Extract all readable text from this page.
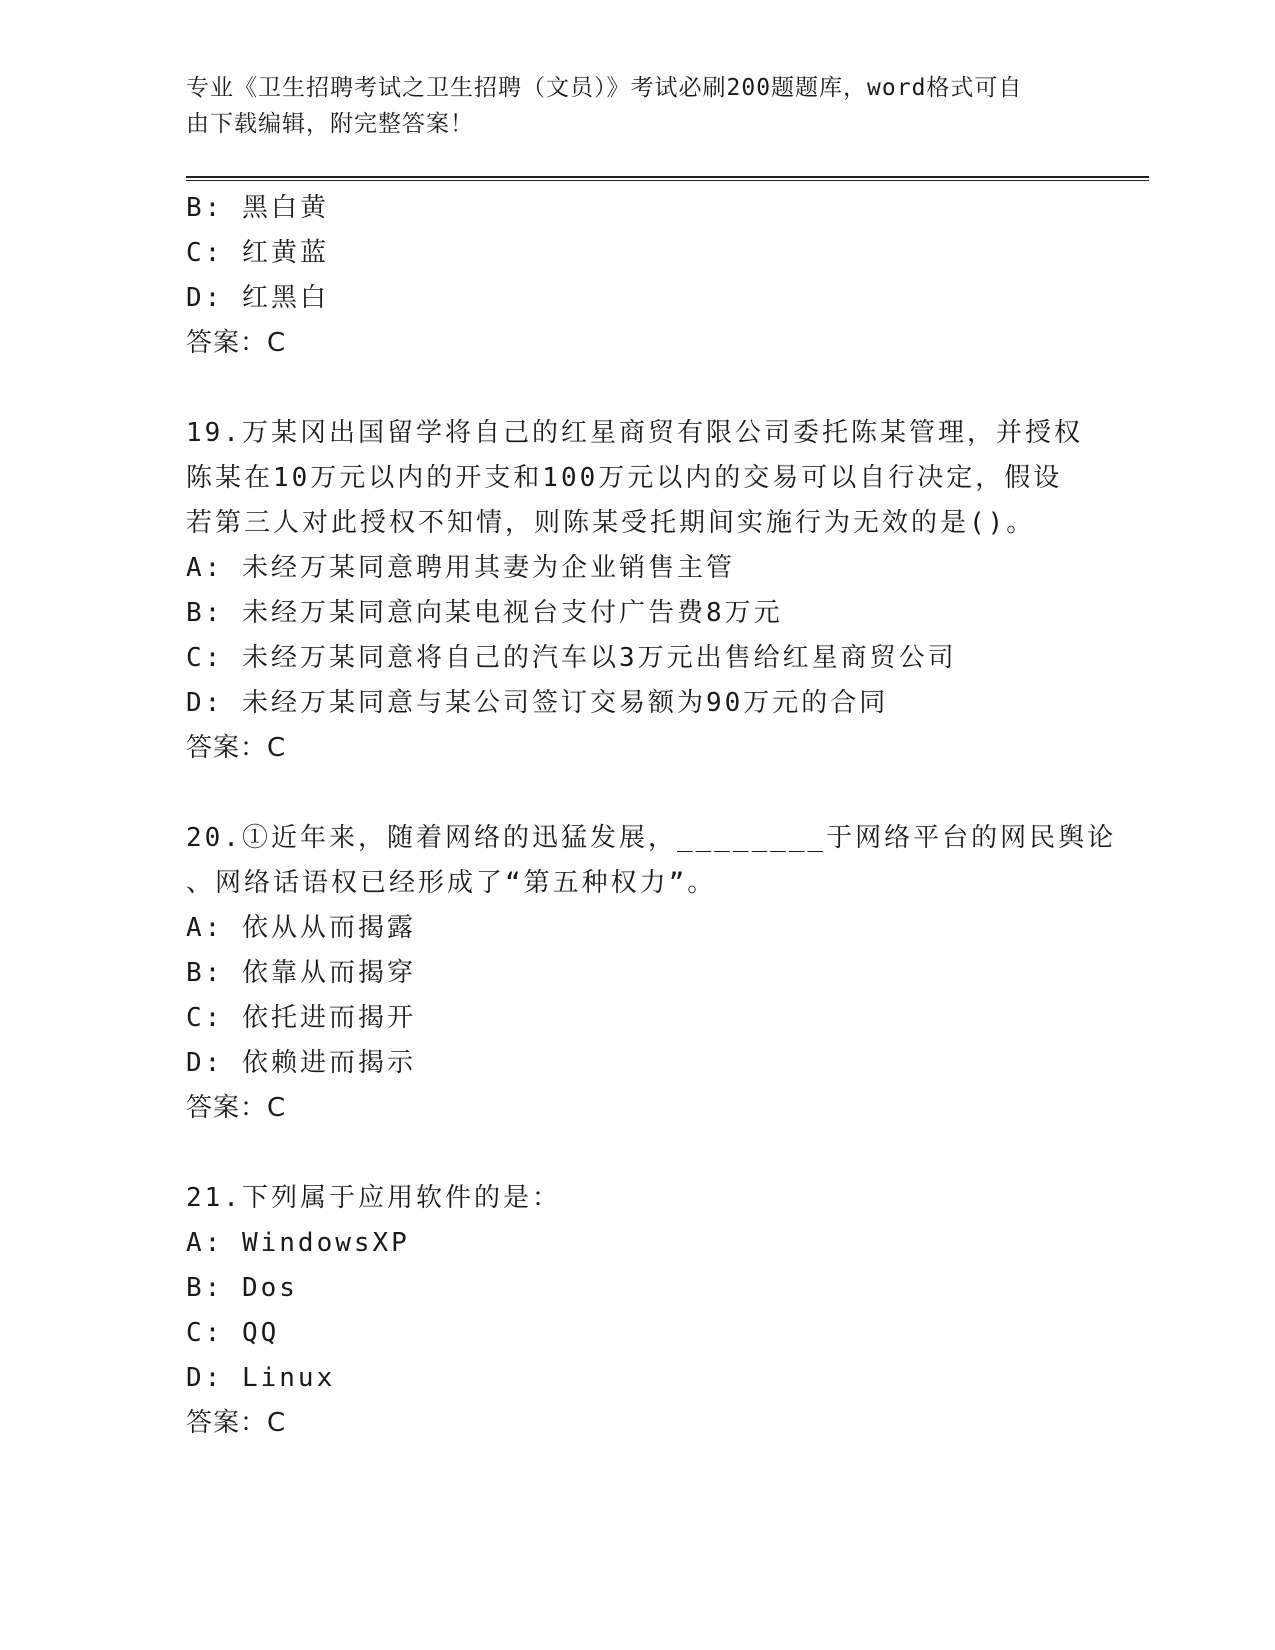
专业《卫生招聘考试之卫生招聘（文员）》考试必刷200题题库，word格式可自
由下载编辑，附完整答案！
B: 黑白黄
C: 红黄蓝
D: 红黑白
答案：C
19.万某冈出国留学将自己的红星商贸有限公司委托陈某管理，并授权
陈某在10万元以内的开支和100万元以内的交易可以自行决定，假设
若第三人对此授权不知情，则陈某受托期间实施行为无效的是()。
A: 未经万某同意聘用其妻为企业销售主管
B: 未经万某同意向某电视台支付广告费8万元
C: 未经万某同意将自己的汽车以3万元出售给红星商贸公司
D: 未经万某同意与某公司签订交易额为90万元的合同
答案：C
20.①近年来，随着网络的迅猛发展，________于网络平台的网民舆论
、网络话语权已经形成了“第五种权力”。
A: 依从从而揭露
B: 依靠从而揭穿
C: 依托进而揭开
D: 依赖进而揭示
答案：C
21.下列属于应用软件的是：
A: WindowsXP
B: Dos
C: QQ
D: Linux
答案：C
